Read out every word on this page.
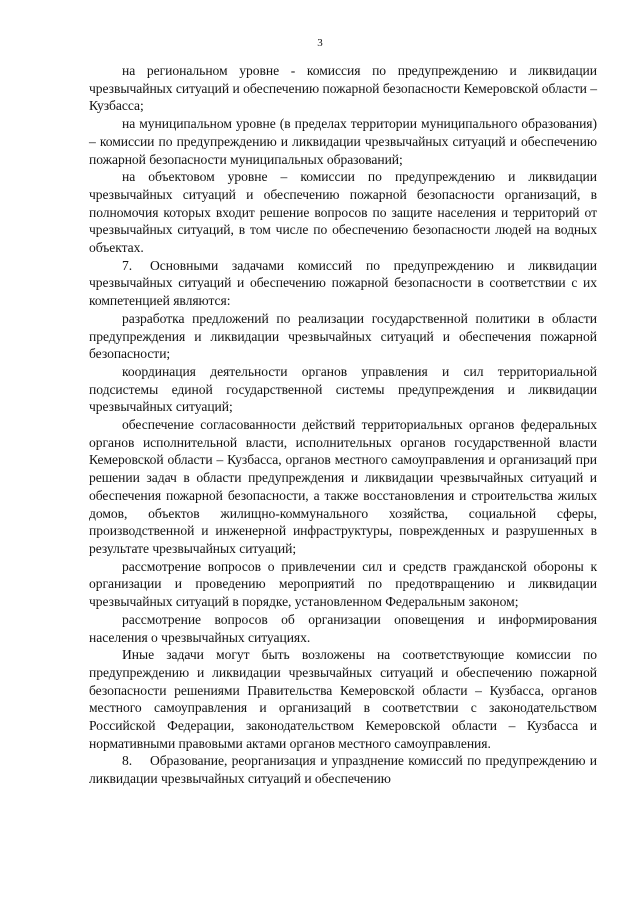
3

на региональном уровне - комиссия по предупреждению и ликвидации чрезвычайных ситуаций и обеспечению пожарной безопасности Кемеровской области – Кузбасса;

на муниципальном уровне (в пределах территории муниципального образования) – комиссии по предупреждению и ликвидации чрезвычайных ситуаций и обеспечению пожарной безопасности муниципальных образований;

на объектовом уровне – комиссии по предупреждению и ликвидации чрезвычайных ситуаций и обеспечению пожарной безопасности организаций, в полномочия которых входит решение вопросов по защите населения и территорий от чрезвычайных ситуаций, в том числе по обеспечению безопасности людей на водных объектах.

7. Основными задачами комиссий по предупреждению и ликвидации чрезвычайных ситуаций и обеспечению пожарной безопасности в соответствии с их компетенцией являются:

разработка предложений по реализации государственной политики в области предупреждения и ликвидации чрезвычайных ситуаций и обеспечения пожарной безопасности;

координация деятельности органов управления и сил территориальной подсистемы единой государственной системы предупреждения и ликвидации чрезвычайных ситуаций;

обеспечение согласованности действий территориальных органов федеральных органов исполнительной власти, исполнительных органов государственной власти Кемеровской области – Кузбасса, органов местного самоуправления и организаций при решении задач в области предупреждения и ликвидации чрезвычайных ситуаций и обеспечения пожарной безопасности, а также восстановления и строительства жилых домов, объектов жилищно-коммунального хозяйства, социальной сферы, производственной и инженерной инфраструктуры, поврежденных и разрушенных в результате чрезвычайных ситуаций;

рассмотрение вопросов о привлечении сил и средств гражданской обороны к организации и проведению мероприятий по предотвращению и ликвидации чрезвычайных ситуаций в порядке, установленном Федеральным законом;

рассмотрение вопросов об организации оповещения и информирования населения о чрезвычайных ситуациях.

Иные задачи могут быть возложены на соответствующие комиссии по предупреждению и ликвидации чрезвычайных ситуаций и обеспечению пожарной безопасности решениями Правительства Кемеровской области – Кузбасса, органов местного самоуправления и организаций в соответствии с законодательством Российской Федерации, законодательством Кемеровской области – Кузбасса и нормативными правовыми актами органов местного самоуправления.

8. Образование, реорганизация и упразднение комиссий по предупреждению и ликвидации чрезвычайных ситуаций и обеспечению
